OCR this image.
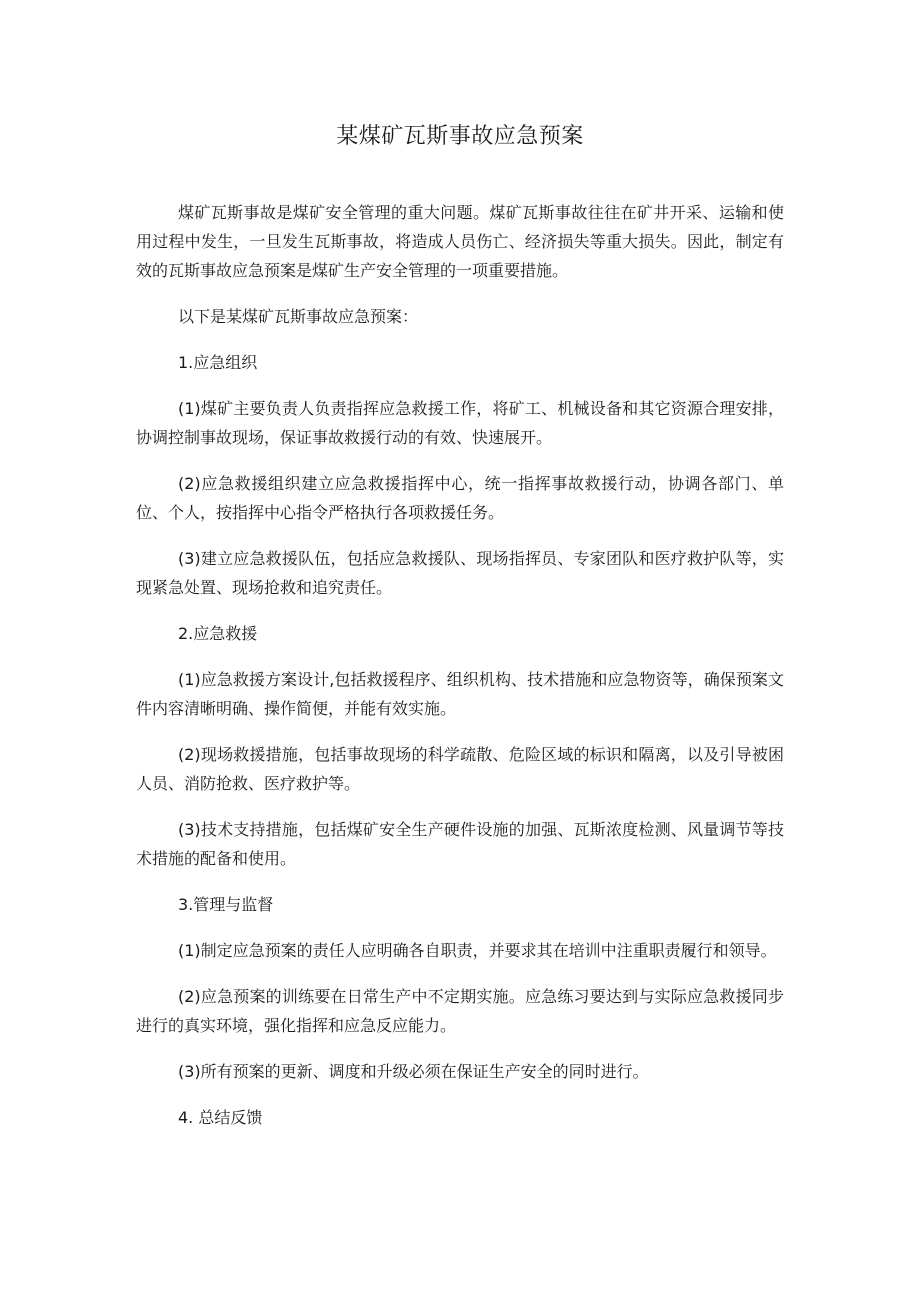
某煤矿瓦斯事故应急预案

煤矿瓦斯事故是煤矿安全管理的重大问题。煤矿瓦斯事故往往在矿井开采、运输和使用过程中发生，一旦发生瓦斯事故，将造成人员伤亡、经济损失等重大损失。因此，制定有效的瓦斯事故应急预案是煤矿生产安全管理的一项重要措施。

以下是某煤矿瓦斯事故应急预案：

1.应急组织

(1)煤矿主要负责人负责指挥应急救援工作，将矿工、机械设备和其它资源合理安排，协调控制事故现场，保证事故救援行动的有效、快速展开。

(2)应急救援组织建立应急救援指挥中心，统一指挥事故救援行动，协调各部门、单位、个人，按指挥中心指令严格执行各项救援任务。

(3)建立应急救援队伍，包括应急救援队、现场指挥员、专家团队和医疗救护队等，实现紧急处置、现场抢救和追究责任。

2.应急救援

(1)应急救援方案设计,包括救援程序、组织机构、技术措施和应急物资等，确保预案文件内容清晰明确、操作简便，并能有效实施。

(2)现场救援措施，包括事故现场的科学疏散、危险区域的标识和隔离，以及引导被困人员、消防抢救、医疗救护等。

(3)技术支持措施，包括煤矿安全生产硬件设施的加强、瓦斯浓度检测、风量调节等技术措施的配备和使用。

3.管理与监督

(1)制定应急预案的责任人应明确各自职责，并要求其在培训中注重职责履行和领导。

(2)应急预案的训练要在日常生产中不定期实施。应急练习要达到与实际应急救援同步进行的真实环境，强化指挥和应急反应能力。

(3)所有预案的更新、调度和升级必须在保证生产安全的同时进行。

4. 总结反馈
